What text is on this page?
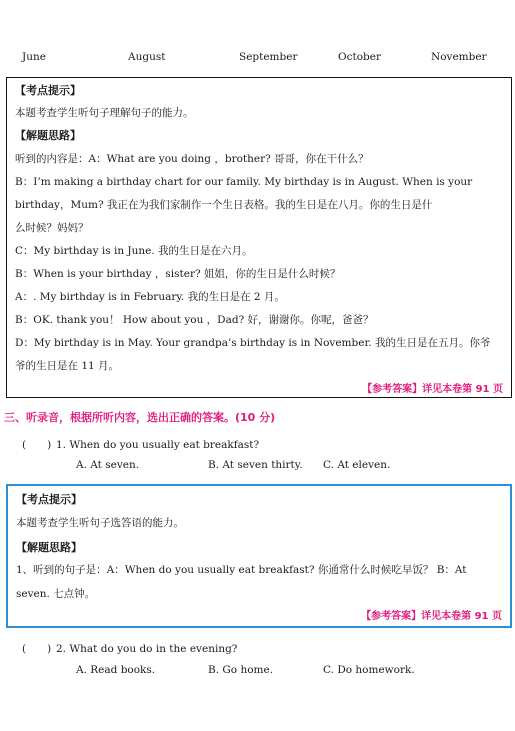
June	August	September	October	November
【考点提示】
本题考查学生听句子理解句子的能力。
【解题思路】
听到的内容是：A：What are you doing ，brother? 哥哥，你在干什么？
B：I’m making a birthday chart for our family. My birthday is in August. When is your
birthday，Mum? 我正在为我们家制作一个生日表格。我的生日是在八月。你的生日是什
么时候？妈妈？
C：My birthday is in June. 我的生日是在六月。
B：When is your birthday ，sister? 姐姐，你的生日是什么时候？
A：. My birthday is in February. 我的生日是在 2 月。
B：OK. thank you！ How about you ，Dad? 好，谢谢你。你呢，爸爸？
D：My birthday is in May. Your grandpa’s birthday is in November. 我的生日是在五月。你爷
爷的生日是在 11 月。
【参考答案】详见本卷第 91 页
三、听录音，根据所听内容，选出正确的答案。(10 分)
(　　) 1. When do you usually eat breakfast?
A. At seven.	B. At seven thirty. C. At eleven.
【考点提示】
本题考查学生听句子选答语的能力。
【解题思路】
1、听到的句子是：A：When do you usually eat breakfast? 你通常什么时候吃早饭？ B：At
seven. 七点钟。
【参考答案】详见本卷第 91 页
(　　) 2. What do you do in the evening?
A. Read books.	B. Go home.	C. Do homework.
